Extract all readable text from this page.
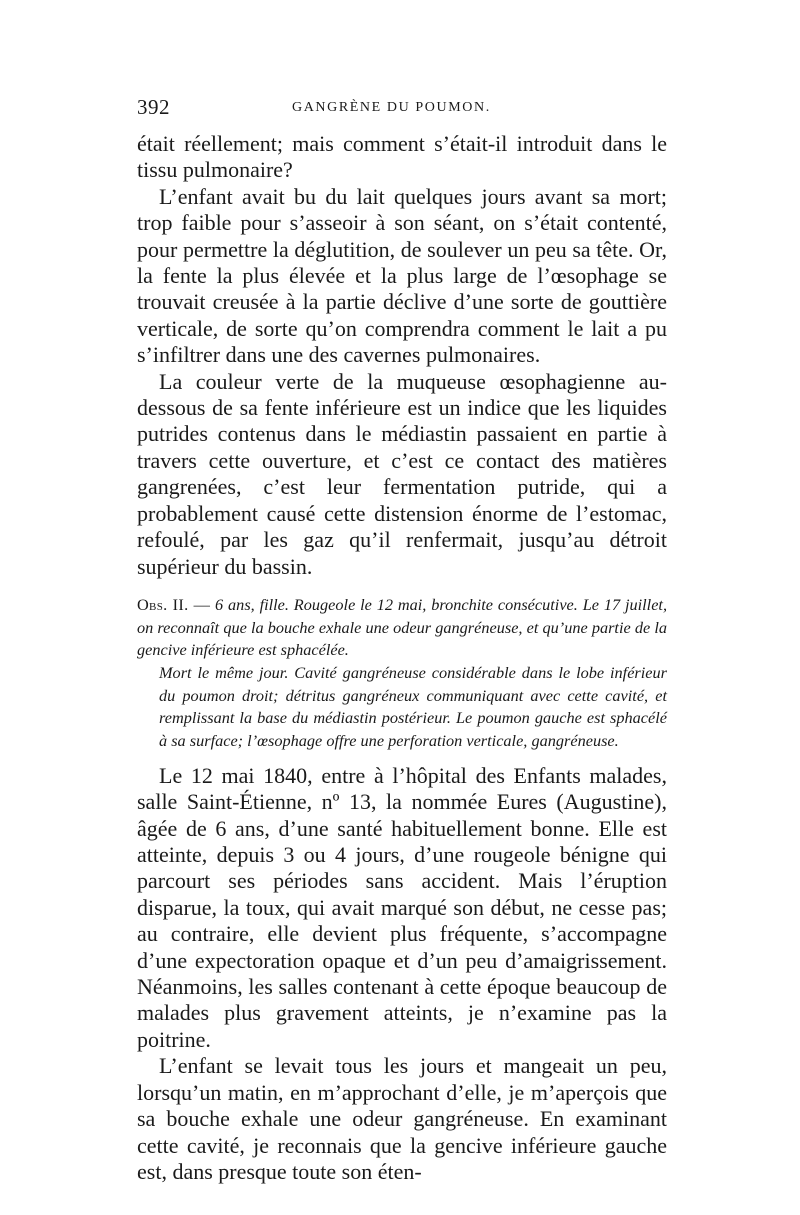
392	GANGRÈNE DU POUMON.

était réellement; mais comment s’était-il introduit dans le tissu pulmonaire?

L’enfant avait bu du lait quelques jours avant sa mort; trop faible pour s’asseoir à son séant, on s’était contenté, pour permettre la déglutition, de soulever un peu sa tête. Or, la fente la plus élevée et la plus large de l’œsophage se trouvait creusée à la partie déclive d’une sorte de gouttière verticale, de sorte qu’on comprendra comment le lait a pu s’infiltrer dans une des cavernes pulmonaires.

La couleur verte de la muqueuse œsophagienne au-dessous de sa fente inférieure est un indice que les liquides putrides contenus dans le médiastin passaient en partie à travers cette ouverture, et c’est ce contact des matières gangrenées, c’est leur fermentation putride, qui a probablement causé cette distension énorme de l’estomac, refoulé, par les gaz qu’il renfermait, jusqu’au détroit supérieur du bassin.

Obs. II. — 6 ans, fille. Rougeole le 12 mai, bronchite consécutive. Le 17 juillet, on reconnaît que la bouche exhale une odeur gangréneuse, et qu’une partie de la gencive inférieure est sphacélée.
Mort le même jour. Cavité gangréneuse considérable dans le lobe inférieur du poumon droit; détritus gangréneux communiquant avec cette cavité, et remplissant la base du médiastin postérieur. Le poumon gauche est sphacélé à sa surface; l’œsophage offre une perforation verticale, gangréneuse.

Le 12 mai 1840, entre à l’hôpital des Enfants malades, salle Saint-Étienne, nº 13, la nommée Eures (Augustine), âgée de 6 ans, d’une santé habituellement bonne. Elle est atteinte, depuis 3 ou 4 jours, d’une rougeole bénigne qui parcourt ses périodes sans accident. Mais l’éruption disparue, la toux, qui avait marqué son début, ne cesse pas; au contraire, elle devient plus fréquente, s’accompagne d’une expectoration opaque et d’un peu d’amaigrissement. Néanmoins, les salles contenant à cette époque beaucoup de malades plus gravement atteints, je n’examine pas la poitrine.

L’enfant se levait tous les jours et mangeait un peu, lorsqu’un matin, en m’approchant d’elle, je m’aperçois que sa bouche exhale une odeur gangréneuse. En examinant cette cavité, je reconnais que la gencive inférieure gauche est, dans presque toute son éten-
